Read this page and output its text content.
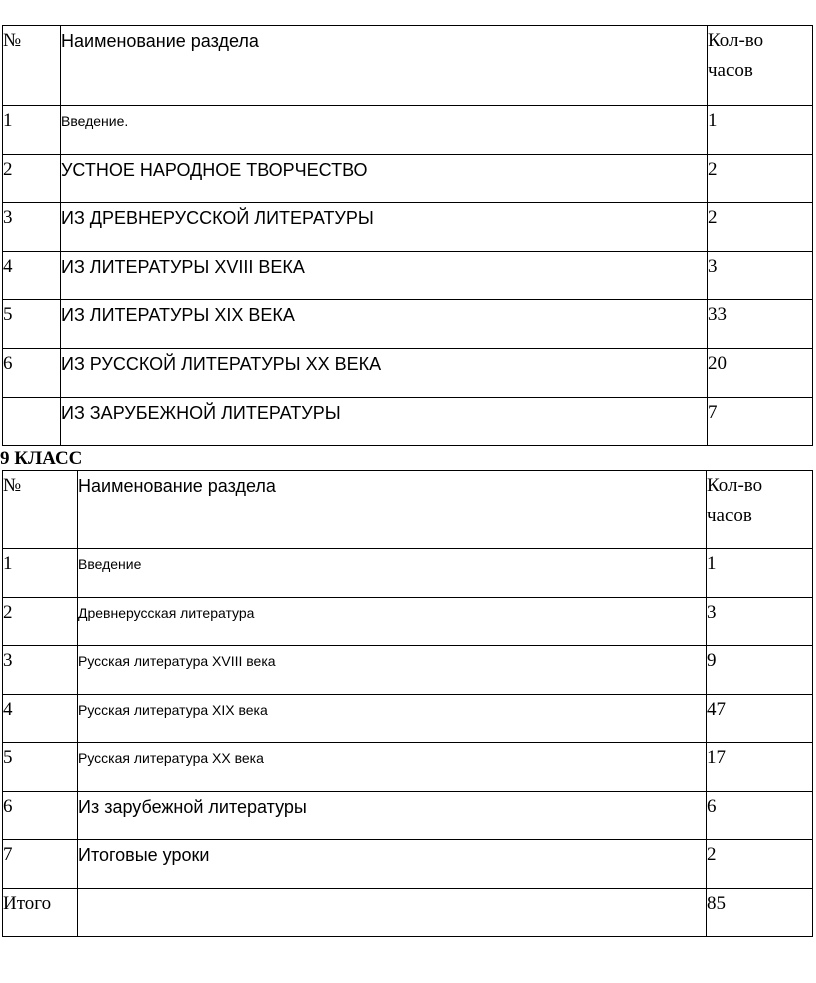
№	Наименование раздела	Кол-во
часов

1	Введение.	1
2	УСТНОЕ НАРОДНОЕ ТВОРЧЕСТВО	2
3	ИЗ ДРЕВНЕРУССКОЙ ЛИТЕРАТУРЫ	2
4	ИЗ ЛИТЕРАТУРЫ XVIII ВЕКА	3
5	ИЗ ЛИТЕРАТУРЫ XIX ВЕКА	33
6	ИЗ РУССКОЙ ЛИТЕРАТУРЫ XX ВЕКА	20
	ИЗ ЗАРУБЕЖНОЙ ЛИТЕРАТУРЫ	7
9 КЛАСС
№	Наименование раздела	Кол-во
часов

1	Введение	1
2	Древнерусская литература	3
3	Русская литература XVIII века	9
4	Русская литература XIX века	47
5	Русская литература XX века	17
6	Из зарубежной литературы	6
7	Итоговые уроки	2
Итого		85
